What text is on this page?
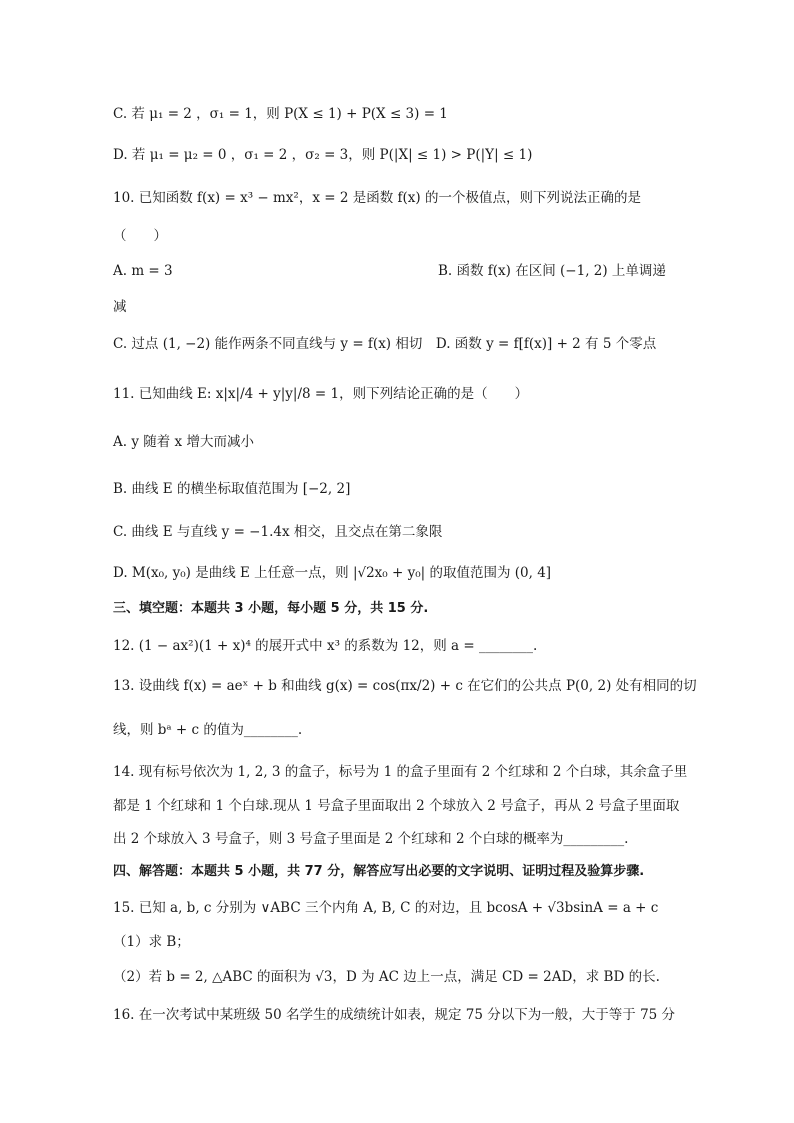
C. 若 μ₁ = 2 ，σ₁ = 1，则 P(X ≤ 1) + P(X ≤ 3) = 1
D. 若 μ₁ = μ₂ = 0 ，σ₁ = 2 ，σ₂ = 3，则 P(|X| ≤ 1) > P(|Y| ≤ 1)
10. 已知函数 f(x) = x³ − mx²，x = 2 是函数 f(x) 的一个极值点，则下列说法正确的是
（　　）
A. m = 3	B. 函数 f(x) 在区间 (−1, 2) 上单调递
减
C. 过点 (1, −2) 能作两条不同直线与 y = f(x) 相切　D. 函数 y = f[f(x)] + 2 有 5 个零点
11. 已知曲线 E: x|x|/4 + y|y|/8 = 1，则下列结论正确的是（　　）
A. y 随着 x 增大而减小
B. 曲线 E 的横坐标取值范围为 [−2, 2]
C. 曲线 E 与直线 y = −1.4x 相交，且交点在第二象限
D. M(x₀, y₀) 是曲线 E 上任意一点，则 |√2x₀ + y₀| 的取值范围为 (0, 4]
三、填空题：本题共 3 小题，每小题 5 分，共 15 分.
12. (1 − ax²)(1 + x)⁴ 的展开式中 x³ 的系数为 12，则 a = ________.
13. 设曲线 f(x) = aeˣ + b 和曲线 g(x) = cos(πx/2) + c 在它们的公共点 P(0, 2) 处有相同的切
线，则 bᵃ + c 的值为________.
14. 现有标号依次为 1, 2, 3 的盒子，标号为 1 的盒子里面有 2 个红球和 2 个白球，其余盒子里
都是 1 个红球和 1 个白球.现从 1 号盒子里面取出 2 个球放入 2 号盒子，再从 2 号盒子里面取
出 2 个球放入 3 号盒子，则 3 号盒子里面是 2 个红球和 2 个白球的概率为_________.
四、解答题：本题共 5 小题，共 77 分，解答应写出必要的文字说明、证明过程及验算步骤.
15. 已知 a, b, c 分别为 ∨ABC 三个内角 A, B, C 的对边，且 bcosA + √3bsinA = a + c
（1）求 B；
（2）若 b = 2, △ABC 的面积为 √3，D 为 AC 边上一点，满足 CD = 2AD，求 BD 的长.
16. 在一次考试中某班级 50 名学生的成绩统计如表，规定 75 分以下为一般，大于等于 75 分
